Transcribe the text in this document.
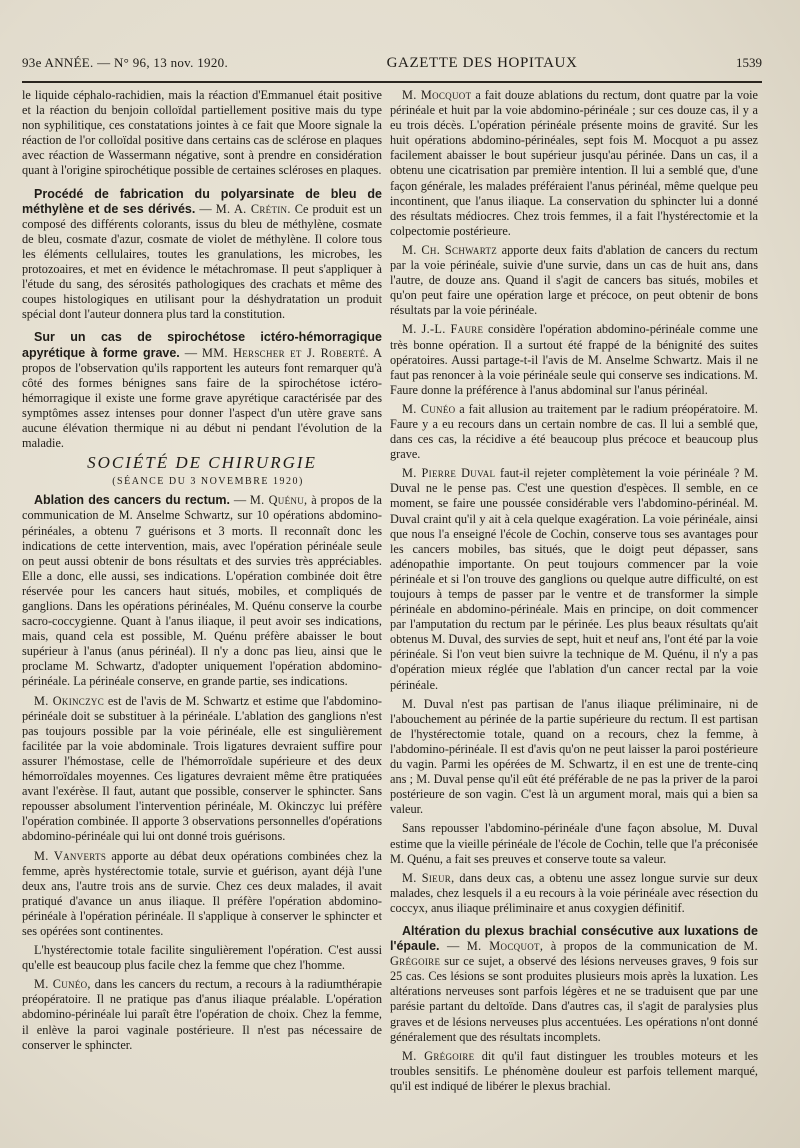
93e ANNÉE. — N° 96, 13 nov. 1920.	GAZETTE DES HOPITAUX	1539

le liquide céphalo-rachidien, mais la réaction d'Emmanuel était positive et la réaction du benjoin colloïdal partiellement positive mais du type non syphilitique, ces constatations jointes à ce fait que Moore signale la réaction de l'or colloïdal positive dans certains cas de sclérose en plaques avec réaction de Wassermann négative, sont à prendre en considération quant à l'origine spirochétique possible de certaines scléroses en plaques.

Procédé de fabrication du polyarsinate de bleu de méthylène et de ses dérivés. — M. A. Crétin. Ce produit est un composé des différents colorants, issus du bleu de méthylène, cosmate de bleu, cosmate d'azur, cosmate de violet de méthylène. Il colore tous les éléments cellulaires, toutes les granulations, les microbes, les protozoaires, et met en évidence le métachromase. Il peut s'appliquer à l'étude du sang, des sérosités pathologiques des crachats et même des coupes histologiques en utilisant pour la déshydratation un produit spécial dont l'auteur donnera plus tard la constitution.

Sur un cas de spirochétose ictéro-hémorragique apyrétique à forme grave. — MM. Herscher et J. Roberté. A propos de l'observation qu'ils rapportent les auteurs font remarquer qu'à côté des formes bénignes sans faire de la spirochétose ictéro-hémorragique il existe une forme grave apyrétique caractérisée par des symptômes assez intenses pour donner l'aspect d'un utère grave sans aucune élévation thermique ni au début ni pendant l'évolution de la maladie.

SOCIÉTÉ DE CHIRURGIE

(SÉANCE DU 3 NOVEMBRE 1920)

Ablation des cancers du rectum. — M. Quénu, à propos de la communication de M. Anselme Schwartz, sur 10 opérations abdomino-périnéales, a obtenu 7 guérisons et 3 morts. Il reconnaît donc les indications de cette intervention, mais, avec l'opération périnéale seule on peut aussi obtenir de bons résultats et des survies très appréciables. Elle a donc, elle aussi, ses indications. L'opération combinée doit être réservée pour les cancers haut situés, mobiles, et compliqués de ganglions. Dans les opérations périnéales, M. Quénu conserve la courbe sacro-coccygienne. Quant à l'anus iliaque, il peut avoir ses indications, mais, quand cela est possible, M. Quénu préfère abaisser le bout supérieur à l'anus (anus périnéal). Il n'y a donc pas lieu, ainsi que le proclame M. Schwartz, d'adopter uniquement l'opération abdomino-périnéale. La périnéale conserve, en grande partie, ses indications.

M. Okinczyc est de l'avis de M. Schwartz et estime que l'abdomino-périnéale doit se substituer à la périnéale. L'ablation des ganglions n'est pas toujours possible par la voie périnéale, elle est singulièrement facilitée par la voie abdominale. Trois ligatures devraient suffire pour assurer l'hémostase, celle de l'hémorroïdale supérieure et des deux hémorroïdales moyennes. Ces ligatures devraient même être pratiquées avant l'exérèse. Il faut, autant que possible, conserver le sphincter. Sans repousser absolument l'intervention périnéale, M. Okinczyc lui préfère l'opération combinée. Il apporte 3 observations personnelles d'opérations abdomino-périnéale qui lui ont donné trois guérisons.

M. Vanverts apporte au débat deux opérations combinées chez la femme, après hystérectomie totale, survie et guérison, ayant déjà l'une deux ans, l'autre trois ans de survie. Chez ces deux malades, il avait pratiqué d'avance un anus iliaque. Il préfère l'opération abdomino-périnéale à l'opération périnéale. Il s'applique à conserver le sphincter et ses opérées sont continentes.

L'hystérectomie totale facilite singulièrement l'opération. C'est aussi qu'elle est beaucoup plus facile chez la femme que chez l'homme.

M. Cunéo, dans les cancers du rectum, a recours à la radiumthérapie préopératoire. Il ne pratique pas d'anus iliaque préalable. L'opération abdomino-périnéale lui paraît être l'opération de choix. Chez la femme, il enlève la paroi vaginale postérieure. Il n'est pas nécessaire de conserver le sphincter.

M. Mocquot a fait douze ablations du rectum, dont quatre par la voie périnéale et huit par la voie abdomino-périnéale ; sur ces douze cas, il y a eu trois décès. L'opération périnéale présente moins de gravité. Sur les huit opérations abdomino-périnéales, sept fois M. Mocquot a pu assez facilement abaisser le bout supérieur jusqu'au périnée. Dans un cas, il a obtenu une cicatrisation par première intention. Il lui a semblé que, d'une façon générale, les malades préféraient l'anus périnéal, même quelque peu incontinent, que l'anus iliaque. La conservation du sphincter lui a donné des résultats médiocres. Chez trois femmes, il a fait l'hystérectomie et la colpectomie postérieure.

M. Ch. Schwartz apporte deux faits d'ablation de cancers du rectum par la voie périnéale, suivie d'une survie, dans un cas de huit ans, dans l'autre, de douze ans. Quand il s'agit de cancers bas situés, mobiles et qu'on peut faire une opération large et précoce, on peut obtenir de bons résultats par la voie périnéale.

M. J.-L. Faure considère l'opération abdomino-périnéale comme une très bonne opération. Il a surtout été frappé de la bénignité des suites opératoires. Aussi partage-t-il l'avis de M. Anselme Schwartz. Mais il ne faut pas renoncer à la voie périnéale seule qui conserve ses indications. M. Faure donne la préférence à l'anus abdominal sur l'anus périnéal.

M. Cunéo a fait allusion au traitement par le radium préopératoire. M. Faure y a eu recours dans un certain nombre de cas. Il lui a semblé que, dans ces cas, la récidive a été beaucoup plus précoce et beaucoup plus grave.

M. Pierre Duval faut-il rejeter complètement la voie périnéale ? M. Duval ne le pense pas. C'est une question d'espèces. Il semble, en ce moment, se faire une poussée considérable vers l'abdomino-périnéal. M. Duval craint qu'il y ait à cela quelque exagération. La voie périnéale, ainsi que nous l'a enseigné l'école de Cochin, conserve tous ses avantages pour les cancers mobiles, bas situés, que le doigt peut dépasser, sans adénopathie importante. On peut toujours commencer par la voie périnéale et si l'on trouve des ganglions ou quelque autre difficulté, on est toujours à temps de passer par le ventre et de transformer la simple périnéale en abdomino-périnéale. Mais en principe, on doit commencer par l'amputation du rectum par le périnée. Les plus beaux résultats qu'ait obtenus M. Duval, des survies de sept, huit et neuf ans, l'ont été par la voie périnéale. Si l'on veut bien suivre la technique de M. Quénu, il n'y a pas d'opération mieux réglée que l'ablation d'un cancer rectal par la voie périnéale.

M. Duval n'est pas partisan de l'anus iliaque préliminaire, ni de l'abouchement au périnée de la partie supérieure du rectum. Il est partisan de l'hystérectomie totale, quand on a recours, chez la femme, à l'abdomino-périnéale. Il est d'avis qu'on ne peut laisser la paroi postérieure du vagin. Parmi les opérées de M. Schwartz, il en est une de trente-cinq ans ; M. Duval pense qu'il eût été préférable de ne pas la priver de la paroi postérieure de son vagin. C'est là un argument moral, mais qui a bien sa valeur.

Sans repousser l'abdomino-périnéale d'une façon absolue, M. Duval estime que la vieille périnéale de l'école de Cochin, telle que l'a préconisée M. Quénu, a fait ses preuves et conserve toute sa valeur.

M. Sieur, dans deux cas, a obtenu une assez longue survie sur deux malades, chez lesquels il a eu recours à la voie périnéale avec résection du coccyx, anus iliaque préliminaire et anus coxygien définitif.

Altération du plexus brachial consécutive aux luxations de l'épaule. — M. Mocquot, à propos de la communication de M. Grégoire sur ce sujet, a observé des lésions nerveuses graves, 9 fois sur 25 cas. Ces lésions se sont produites plusieurs mois après la luxation. Les altérations nerveuses sont parfois légères et ne se traduisent que par une parésie partant du deltoïde. Dans d'autres cas, il s'agit de paralysies plus graves et de lésions nerveuses plus accentuées. Les opérations n'ont donné généralement que des résultats incomplets.

M. Grégoire dit qu'il faut distinguer les troubles moteurs et les troubles sensitifs. Le phénomène douleur est parfois tellement marqué, qu'il est indiqué de libérer le plexus brachial.
